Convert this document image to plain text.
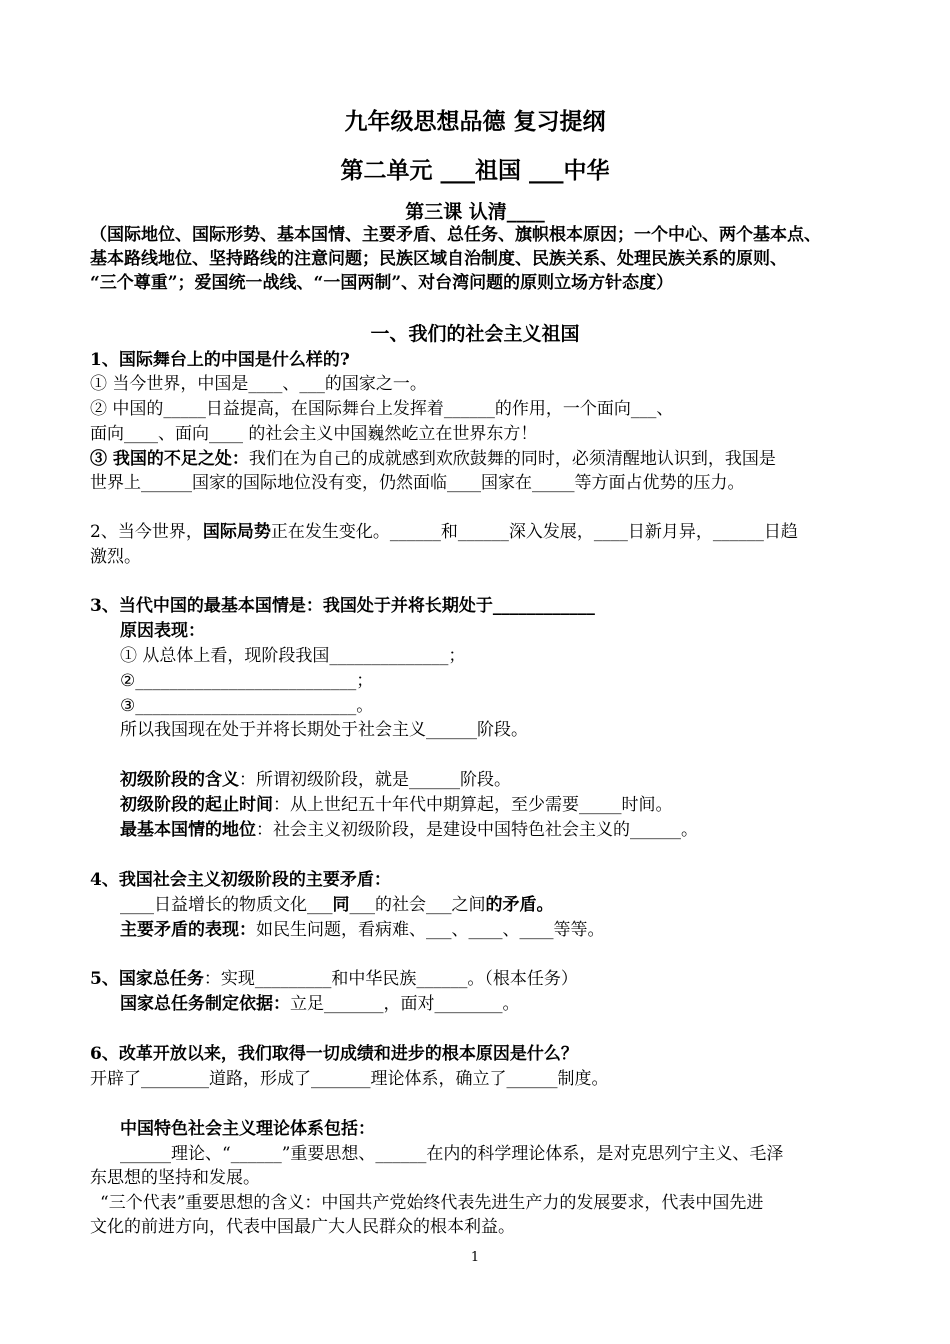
九年级思想品德 复习提纲
第二单元 ___祖国 ___中华
第三课 认清____
（国际地位、国际形势、基本国情、主要矛盾、总任务、旗帜根本原因；一个中心、两个基本点、
基本路线地位、坚持路线的注意问题；民族区域自治制度、民族关系、处理民族关系的原则、
“三个尊重”；爱国统一战线、“一国两制”、对台湾问题的原则立场方针态度）
一、我们的社会主义祖国
1、国际舞台上的中国是什么样的?
① 当今世界，中国是____、___的国家之一。
② 中国的_____日益提高，在国际舞台上发挥着______的作用，一个面向___、
面向____、面向____ 的社会主义中国巍然屹立在世界东方！
③ 我国的不足之处：我们在为自己的成就感到欢欣鼓舞的同时，必须清醒地认识到，我国是
世界上______国家的国际地位没有变，仍然面临____国家在_____等方面占优势的压力。
2、当今世界，国际局势正在发生变化。______和______深入发展，____日新月异，______日趋
激烈。
3、当代中国的最基本国情是：我国处于并将长期处于____________
原因表现：
① 从总体上看，现阶段我国______________；
②__________________________；
③__________________________。
所以我国现在处于并将长期处于社会主义______阶段。
初级阶段的含义：所谓初级阶段，就是______阶段。
初级阶段的起止时间：从上世纪五十年代中期算起，至少需要_____时间。
最基本国情的地位：社会主义初级阶段，是建设中国特色社会主义的______。
4、我国社会主义初级阶段的主要矛盾：
____日益增长的物质文化___同___的社会___之间的矛盾。
主要矛盾的表现：如民生问题，看病难、___、____、____等等。
5、国家总任务：实现_________和中华民族______。（根本任务）
国家总任务制定依据：立足_______，面对________。
6、改革开放以来，我们取得一切成绩和进步的根本原因是什么？
开辟了________道路，形成了_______理论体系，确立了______制度。
中国特色社会主义理论体系包括：
______理论、“______”重要思想、______在内的科学理论体系，是对克思列宁主义、毛泽
东思想的坚持和发展。
“三个代表”重要思想的含义：中国共产党始终代表先进生产力的发展要求，代表中国先进
文化的前进方向，代表中国最广大人民群众的根本利益。
1
